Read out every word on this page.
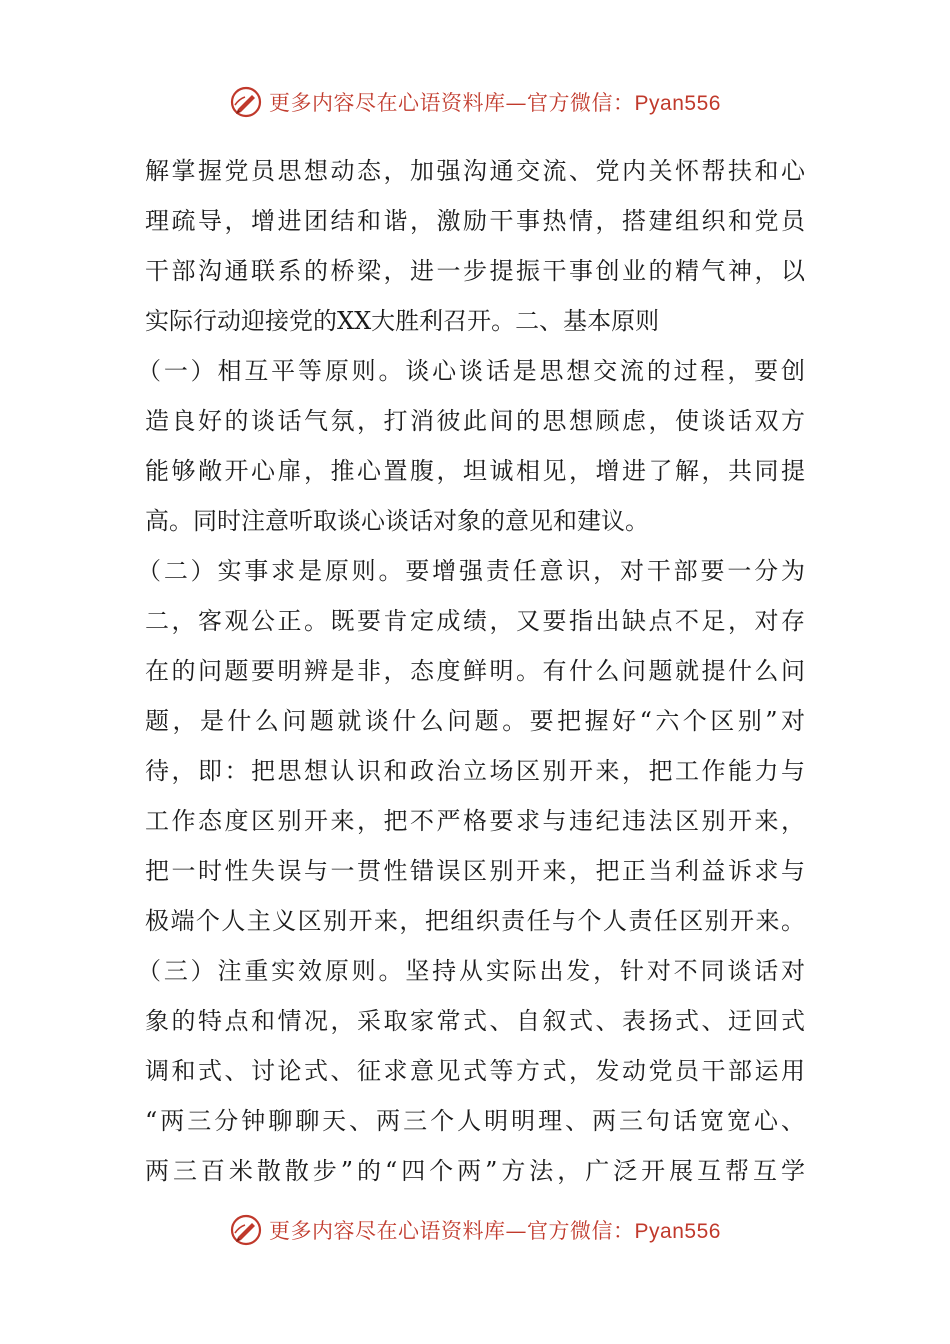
更多内容尽在心语资料库—官方微信：Pyan556
解掌握党员思想动态，加强沟通交流、党内关怀帮扶和心
理疏导，增进团结和谐，激励干事热情，搭建组织和党员
干部沟通联系的桥梁，进一步提振干事创业的精气神，以
实际行动迎接党的XX大胜利召开。二、基本原则
（一）相互平等原则。谈心谈话是思想交流的过程，要创
造良好的谈话气氛，打消彼此间的思想顾虑，使谈话双方
能够敞开心扉，推心置腹，坦诚相见，增进了解，共同提
高。同时注意听取谈心谈话对象的意见和建议。
（二）实事求是原则。要增强责任意识，对干部要一分为
二，客观公正。既要肯定成绩，又要指出缺点不足，对存
在的问题要明辨是非，态度鲜明。有什么问题就提什么问
题，是什么问题就谈什么问题。要把握好“六个区别”对
待，即：把思想认识和政治立场区别开来，把工作能力与
工作态度区别开来，把不严格要求与违纪违法区别开来，
把一时性失误与一贯性错误区别开来，把正当利益诉求与
极端个人主义区别开来，把组织责任与个人责任区别开来。
（三）注重实效原则。坚持从实际出发，针对不同谈话对
象的特点和情况，采取家常式、自叙式、表扬式、迂回式
调和式、讨论式、征求意见式等方式，发动党员干部运用
“两三分钟聊聊天、两三个人明明理、两三句话宽宽心、
两三百米散散步”的“四个两”方法，广泛开展互帮互学
更多内容尽在心语资料库—官方微信：Pyan556
